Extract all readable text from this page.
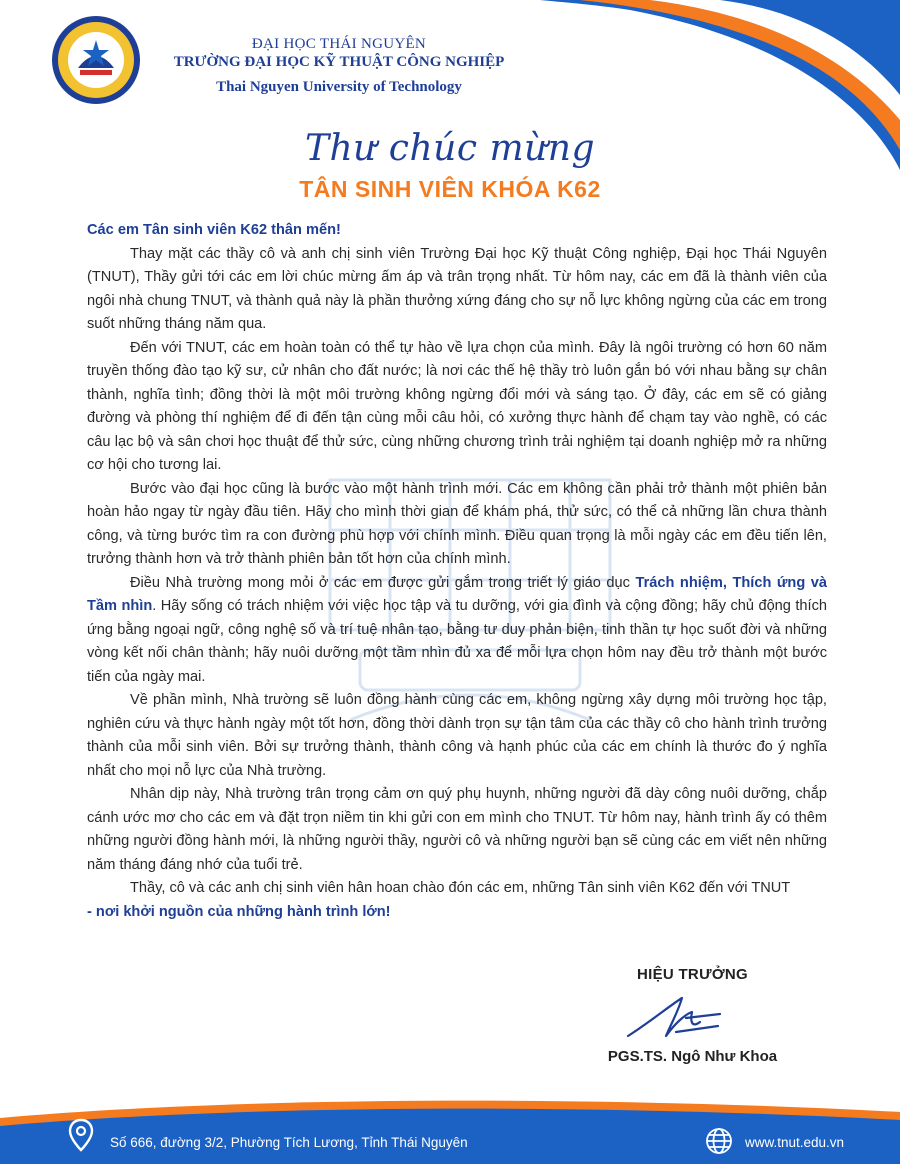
ĐẠI HỌC THÁI NGUYÊN
TRƯỜNG ĐẠI HỌC KỸ THUẬT CÔNG NGHIỆP
Thai Nguyen University of Technology
Thư chúc mừng
TÂN SINH VIÊN KHÓA K62

Các em Tân sinh viên K62 thân mến!

Thay mặt các thầy cô và anh chị sinh viên Trường Đại học Kỹ thuật Công nghiệp, Đại học Thái Nguyên (TNUT), Thầy gửi tới các em lời chúc mừng ấm áp và trân trọng nhất. Từ hôm nay, các em đã là thành viên của ngôi nhà chung TNUT, và thành quả này là phần thưởng xứng đáng cho sự nỗ lực không ngừng của các em trong suốt những tháng năm qua.

Đến với TNUT, các em hoàn toàn có thể tự hào về lựa chọn của mình. Đây là ngôi trường có hơn 60 năm truyền thống đào tạo kỹ sư, cử nhân cho đất nước; là nơi các thế hệ thầy trò luôn gắn bó với nhau bằng sự chân thành, nghĩa tình; đồng thời là một môi trường không ngừng đổi mới và sáng tạo. Ở đây, các em sẽ có giảng đường và phòng thí nghiệm để đi đến tận cùng mỗi câu hỏi, có xưởng thực hành để chạm tay vào nghề, có các câu lạc bộ và sân chơi học thuật để thử sức, cùng những chương trình trải nghiệm tại doanh nghiệp mở ra những cơ hội cho tương lai.

Bước vào đại học cũng là bước vào một hành trình mới. Các em không cần phải trở thành một phiên bản hoàn hảo ngay từ ngày đầu tiên. Hãy cho mình thời gian để khám phá, thử sức, có thể cả những lần chưa thành công, và từng bước tìm ra con đường phù hợp với chính mình. Điều quan trọng là mỗi ngày các em đều tiến lên, trưởng thành hơn và trở thành phiên bản tốt hơn của chính mình.

Điều Nhà trường mong mỏi ở các em được gửi gắm trong triết lý giáo dục Trách nhiệm, Thích ứng và Tầm nhìn. Hãy sống có trách nhiệm với việc học tập và tu dưỡng, với gia đình và cộng đồng; hãy chủ động thích ứng bằng ngoại ngữ, công nghệ số và trí tuệ nhân tạo, bằng tư duy phản biện, tinh thần tự học suốt đời và những vòng kết nối chân thành; hãy nuôi dưỡng một tầm nhìn đủ xa để mỗi lựa chọn hôm nay đều trở thành một bước tiến của ngày mai.

Về phần mình, Nhà trường sẽ luôn đồng hành cùng các em, không ngừng xây dựng môi trường học tập, nghiên cứu và thực hành ngày một tốt hơn, đồng thời dành trọn sự tận tâm của các thầy cô cho hành trình trưởng thành của mỗi sinh viên. Bởi sự trưởng thành, thành công và hạnh phúc của các em chính là thước đo ý nghĩa nhất cho mọi nỗ lực của Nhà trường.

Nhân dịp này, Nhà trường trân trọng cảm ơn quý phụ huynh, những người đã dày công nuôi dưỡng, chắp cánh ước mơ cho các em và đặt trọn niềm tin khi gửi con em mình cho TNUT. Từ hôm nay, hành trình ấy có thêm những người đồng hành mới, là những người thầy, người cô và những người bạn sẽ cùng các em viết nên những năm tháng đáng nhớ của tuổi trẻ.

Thầy, cô và các anh chị sinh viên hân hoan chào đón các em, những Tân sinh viên K62 đến với TNUT

- nơi khởi nguồn của những hành trình lớn!

HIỆU TRƯỞNG
PGS.TS. Ngô Như Khoa
Số 666, đường 3/2, Phường Tích Lương, Tỉnh Thái Nguyên	www.tnut.edu.vn
